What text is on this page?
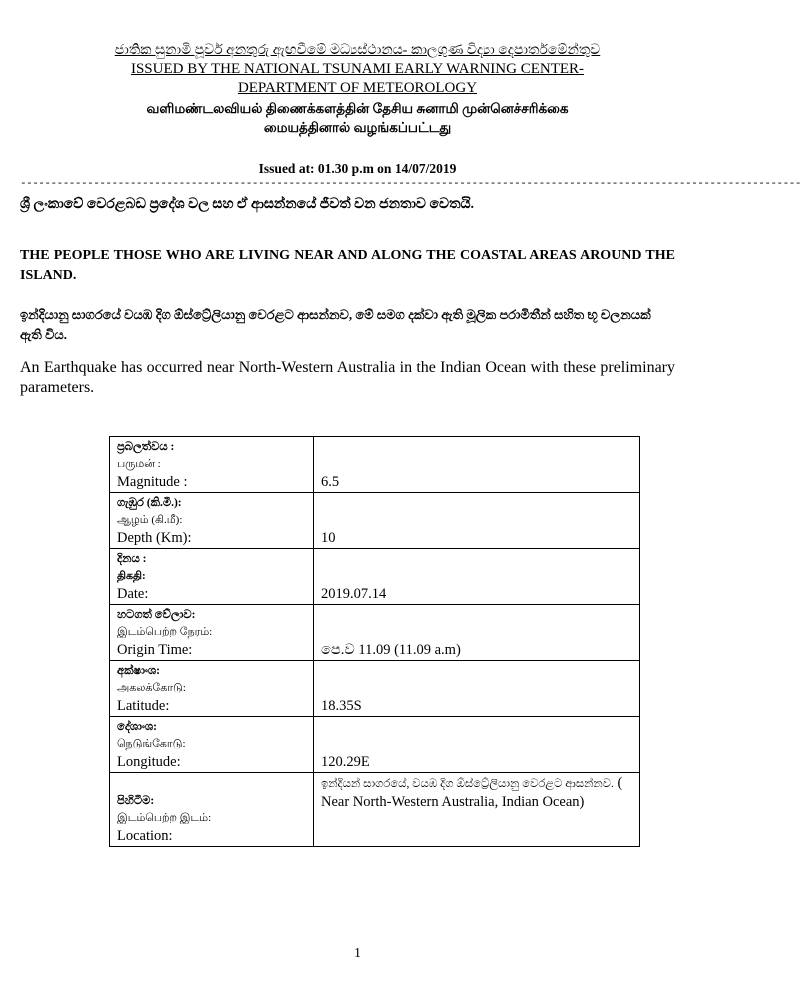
ජාතික සුනාමි පූර්ව අනතුරු ඇඟවීමේ මධ්‍යස්ථානය- කාලගුණ විද්‍යා දෙපාර්තමේන්තුව
ISSUED BY THE NATIONAL TSUNAMI EARLY WARNING CENTER-
DEPARTMENT OF METEOROLOGY
வளிமண்டலவியல் திணைக்களத்தின் தேசிய சுனாமி முன்னெச்சரிக்கை
மையத்தினால் வழங்கப்பட்டது
Issued at: 01.30 p.m on 14/07/2019
--------------------------------------------------------------------------------------------------------------------------------
ශ්‍රී ලංකාවේ වෙරළබඩ ප්‍රදේශ වල සහ ඒ ආසන්නයේ ජීවත් වන ජනතාව වෙතයි.
THE PEOPLE THOSE WHO ARE LIVING NEAR AND ALONG THE COASTAL AREAS AROUND THE ISLAND.
ඉන්දියානු සාගරයේ වයඹ දිග ඕස්ට්‍රේලියානු වෙරළට ආසන්නව, මේ සමග දක්වා ඇති මූලික පරාමිතීන් සහිත භූ චලනයක් ඇති විය.
An Earthquake has occurred near North-Western Australia in the Indian Ocean with these preliminary parameters.
ප්‍රබලත්වය :
பருமன் :
Magnitude :	6.5

ගැඹුර (කි.මී.):
ஆழம் (கி.மீ):
Depth (Km):	10

දිනය :
திகதி:
Date:	2019.07.14

හටගත් වේලාව:
இடம்பெற்ற நேரம்:
Origin Time:	පෙ.ව 11.09 (11.09 a.m)

අක්ෂාංශ:
அகலக்கோடு:
Latitude:	18.35S

දේශාංශ:
நெடுங்கோடு:
Longitude:	120.29E

පිහිටීම:
இடம்பெற்ற இடம்:
Location:	ඉන්දියන් සාගරයේ, වයඹ දිග ඕස්ට්‍රේලියානු වෙරළට ආසන්නව. ( Near North-Western Australia, Indian Ocean)
1
